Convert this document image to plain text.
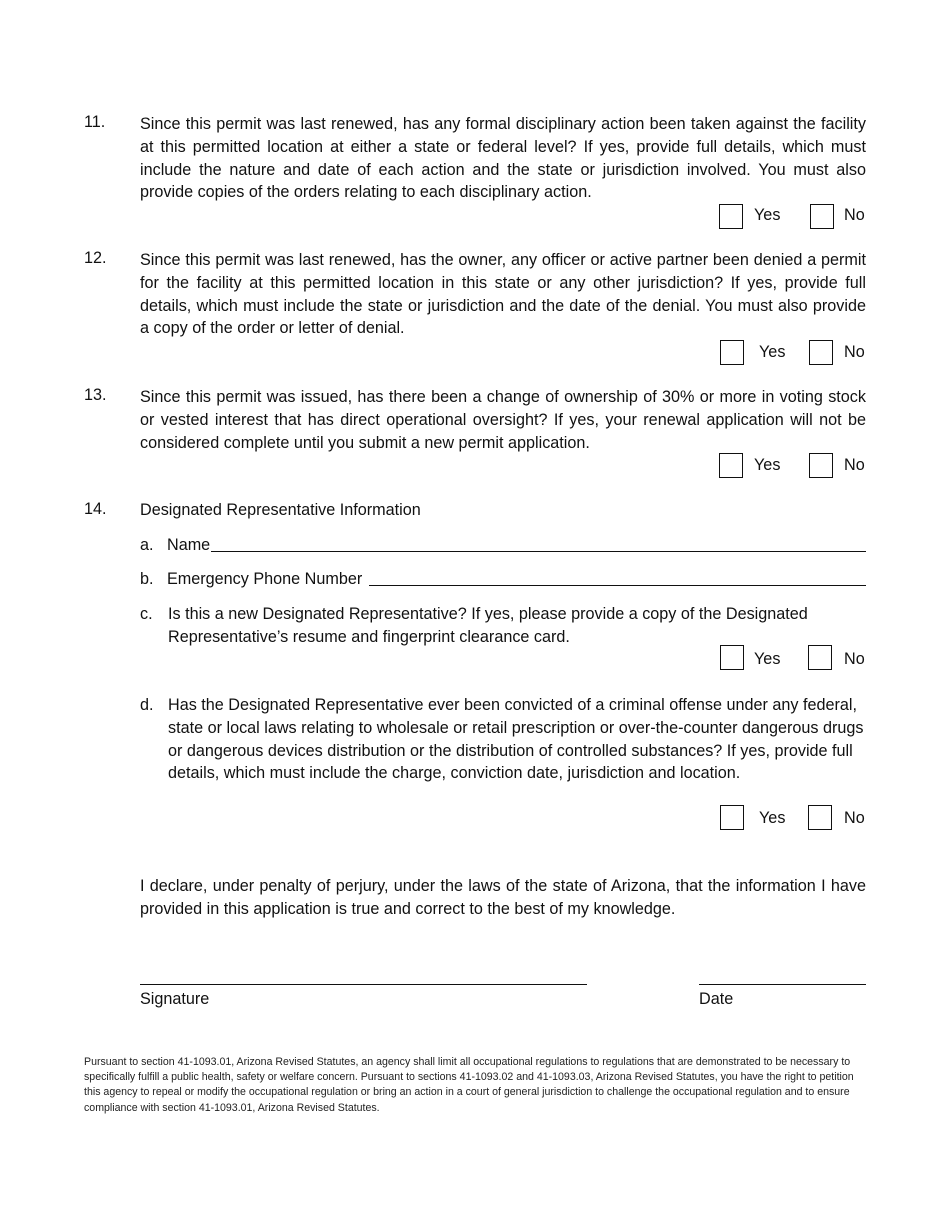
11.	Since this permit was last renewed, has any formal disciplinary action been taken against the facility at this permitted location at either a state or federal level? If yes, provide full details, which must include the nature and date of each action and the state or jurisdiction involved. You must also provide copies of the orders relating to each disciplinary action.
Yes	No
12.	Since this permit was last renewed, has the owner, any officer or active partner been denied a permit for the facility at this permitted location in this state or any other jurisdiction? If yes, provide full details, which must include the state or jurisdiction and the date of the denial. You must also provide a copy of the order or letter of denial.
Yes	No
13.	Since this permit was issued, has there been a change of ownership of 30% or more in voting stock or vested interest that has direct operational oversight? If yes, your renewal application will not be considered complete until you submit a new permit application.
Yes	No
14.	Designated Representative Information
a. Name
b. Emergency Phone Number
c. Is this a new Designated Representative? If yes, please provide a copy of the Designated Representative’s resume and fingerprint clearance card.
Yes	No
d. Has the Designated Representative ever been convicted of a criminal offense under any federal, state or local laws relating to wholesale or retail prescription or over-the-counter dangerous drugs or dangerous devices distribution or the distribution of controlled substances? If yes, provide full details, which must include the charge, conviction date, jurisdiction and location.
Yes	No
I declare, under penalty of perjury, under the laws of the state of Arizona, that the information I have provided in this application is true and correct to the best of my knowledge.
Signature	Date
Pursuant to section 41-1093.01, Arizona Revised Statutes, an agency shall limit all occupational regulations to regulations that are demonstrated to be necessary to specifically fulfill a public health, safety or welfare concern. Pursuant to sections 41-1093.02 and 41-1093.03, Arizona Revised Statutes, you have the right to petition this agency to repeal or modify the occupational regulation or bring an action in a court of general jurisdiction to challenge the occupational regulation and to ensure compliance with section 41-1093.01, Arizona Revised Statutes.
